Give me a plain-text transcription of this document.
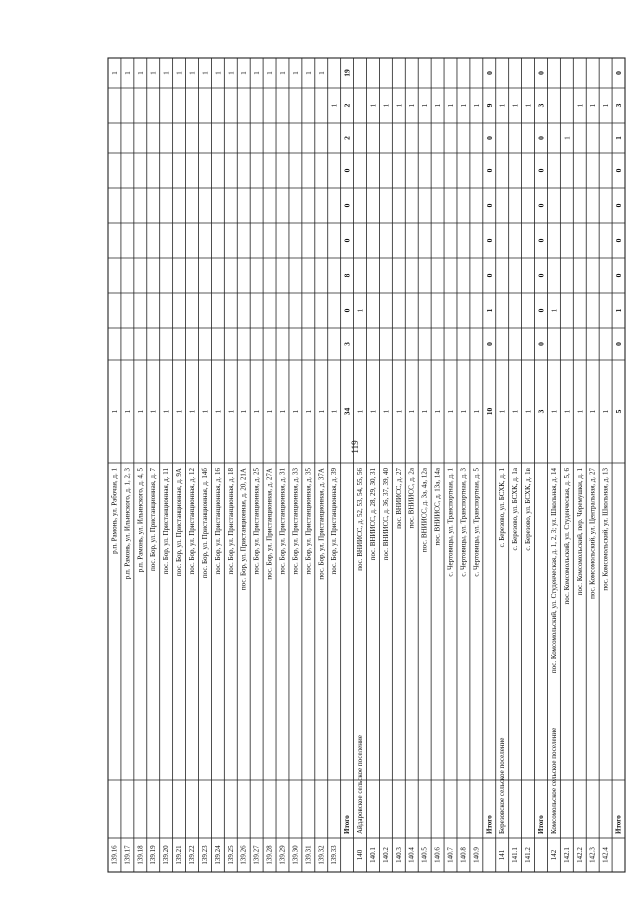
119
139.16
р.п. Рамонь, ул. Рабочая, д. 1
1
1
139.17
р.п. Рамонь, ул. Ильинского, д. 1, 2, 3
1
1
139.18
р.п. Рамонь, ул. Ильинского, д. 4, 5
1
1
139.19
пос. Бор, ул. Пристанционная, д. 7
1
1
139.20
пос. Бор, ул. Пристанционная, д. 11
1
1
139.21
пос. Бор, ул. Пристанционная, д. 9А
1
1
139.22
пос. Бор, ул. Пристанционная, д. 12
1
1
139.23
пос. Бор, ул. Пристанционная, д. 14б
1
1
139.24
пос. Бор, ул. Пристанционная, д. 16
1
1
139.25
пос. Бор, ул. Пристанционная, д. 18
1
1
139.26
пос. Бор, ул. Пристанционная, д. 20, 21А
1
1
139.27
пос. Бор, ул. Пристанционная, д. 25
1
1
139.28
пос. Бор, ул. Пристанционная, д. 27А
1
1
139.29
пос. Бор, ул. Пристанционная, д. 31
1
1
139.30
пос. Бор, ул. Пристанционная, д. 33
1
1
139.31
пос. Бор, ул. Пристанционная, д. 35
1
1
139.32
пос. Бор, ул. Пристанционная, д. 37А
1
1
139.33
пос. Бор, ул. Пристанционная, д. 39
1
1
Итого
34
3
0
8
0
0
0
2
2
19
140
Айдаровское сельское поселение
пос. ВНИИСС, д. 52, 53, 54, 55, 56
1
1
140.1
пос. ВНИИСС, д. 28, 29, 30, 31
1
1
140.2
пос. ВНИИСС, д. 36, 37, 39, 40
1
1
140.3
пос. ВНИИСС, д. 27
1
1
140.4
пос. ВНИИСС, д. 2а
1
1
140.5
пос. ВНИИСС, д. 3а, 4а, 12а
1
1
140.6
пос. ВНИИСС, д. 13а, 14а
1
1
140.7
с. Чертовицы, ул. Транспортная, д. 1
1
1
140.8
с. Чертовицы, ул. Транспортная, д. 3
1
1
140.9
с. Чертовицы, ул. Транспортная, д. 5
1
1
Итого
10
0
1
0
0
0
0
0
9
0
141
Березовское сельское поселение
с. Березово, ул. БСХК, д. 1
1
1
141.1
с. Березово, ул. БСХК, д. 1а
1
1
141.2
с. Березово, ул. БСХК, д. 1в
1
1
Итого
3
0
0
0
0
0
0
0
3
0
142
Комсомольское сельское поселение
пос. Комсомольский, ул. Студенческая, д. 1, 2, 3; ул. Школьная, д. 14
1
1
142.1
пос. Комсомольский, ул. Студенческая, д. 5, 6
1
1
142.2
пос. Комсомольский, пер. Черемушки, д. 1
1
1
142.3
пос. Комсомольский, ул. Центральная, д. 27
1
1
142.4
пос. Комсомольский, ул. Школьная, д. 13
1
1
Итого
5
0
1
0
0
0
0
1
3
0
